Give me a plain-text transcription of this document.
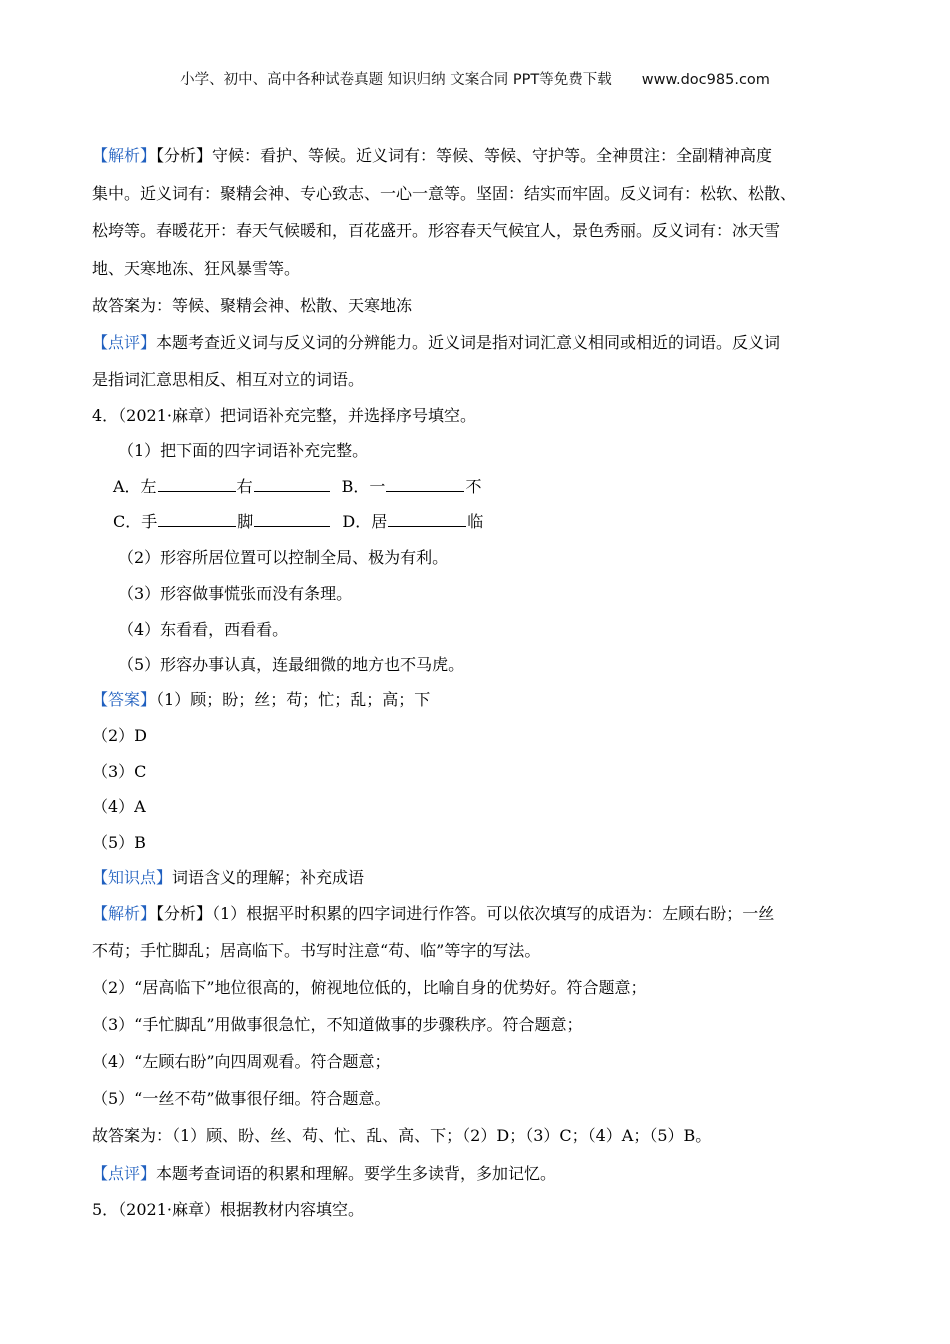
小学、初中、高中各种试卷真题 知识归纳 文案合同 PPT等免费下载 www.doc985.com
【解析】【分析】守候：看护、等候。近义词有：等候、等候、守护等。全神贯注：全副精神高度
集中。近义词有：聚精会神、专心致志、一心一意等。坚固：结实而牢固。反义词有：松软、松散、
松垮等。春暖花开：春天气候暖和，百花盛开。形容春天气候宜人，景色秀丽。反义词有：冰天雪
地、天寒地冻、狂风暴雪等。
故答案为：等候、聚精会神、松散、天寒地冻
【点评】本题考查近义词与反义词的分辨能力。近义词是指对词汇意义相同或相近的词语。反义词
是指词汇意思相反、相互对立的词语。
4．（2021·麻章）把词语补充完整，并选择序号填空。
（1）把下面的四字词语补充完整。
A．左	右	B．一	不
C．手	脚	D．居	临
（2）形容所居位置可以控制全局、极为有利。
（3）形容做事慌张而没有条理。
（4）东看看，西看看。
（5）形容办事认真，连最细微的地方也不马虎。
【答案】（1）顾；盼；丝；苟；忙；乱；高；下
（2）D
（3）C
（4）A
（5）B
【知识点】词语含义的理解；补充成语
【解析】【分析】（1）根据平时积累的四字词进行作答。可以依次填写的成语为：左顾右盼；一丝
不苟；手忙脚乱；居高临下。书写时注意“苟、临”等字的写法。
（2）“居高临下”地位很高的，俯视地位低的，比喻自身的优势好。符合题意；
（3）“手忙脚乱”用做事很急忙，不知道做事的步骤秩序。符合题意；
（4）“左顾右盼”向四周观看。符合题意；
（5）“一丝不苟”做事很仔细。符合题意。
故答案为：（1）顾、盼、丝、苟、忙、乱、高、下；（2）D；（3）C；（4）A；（5）B。
【点评】本题考查词语的积累和理解。要学生多读背，多加记忆。
5．（2021·麻章）根据教材内容填空。
